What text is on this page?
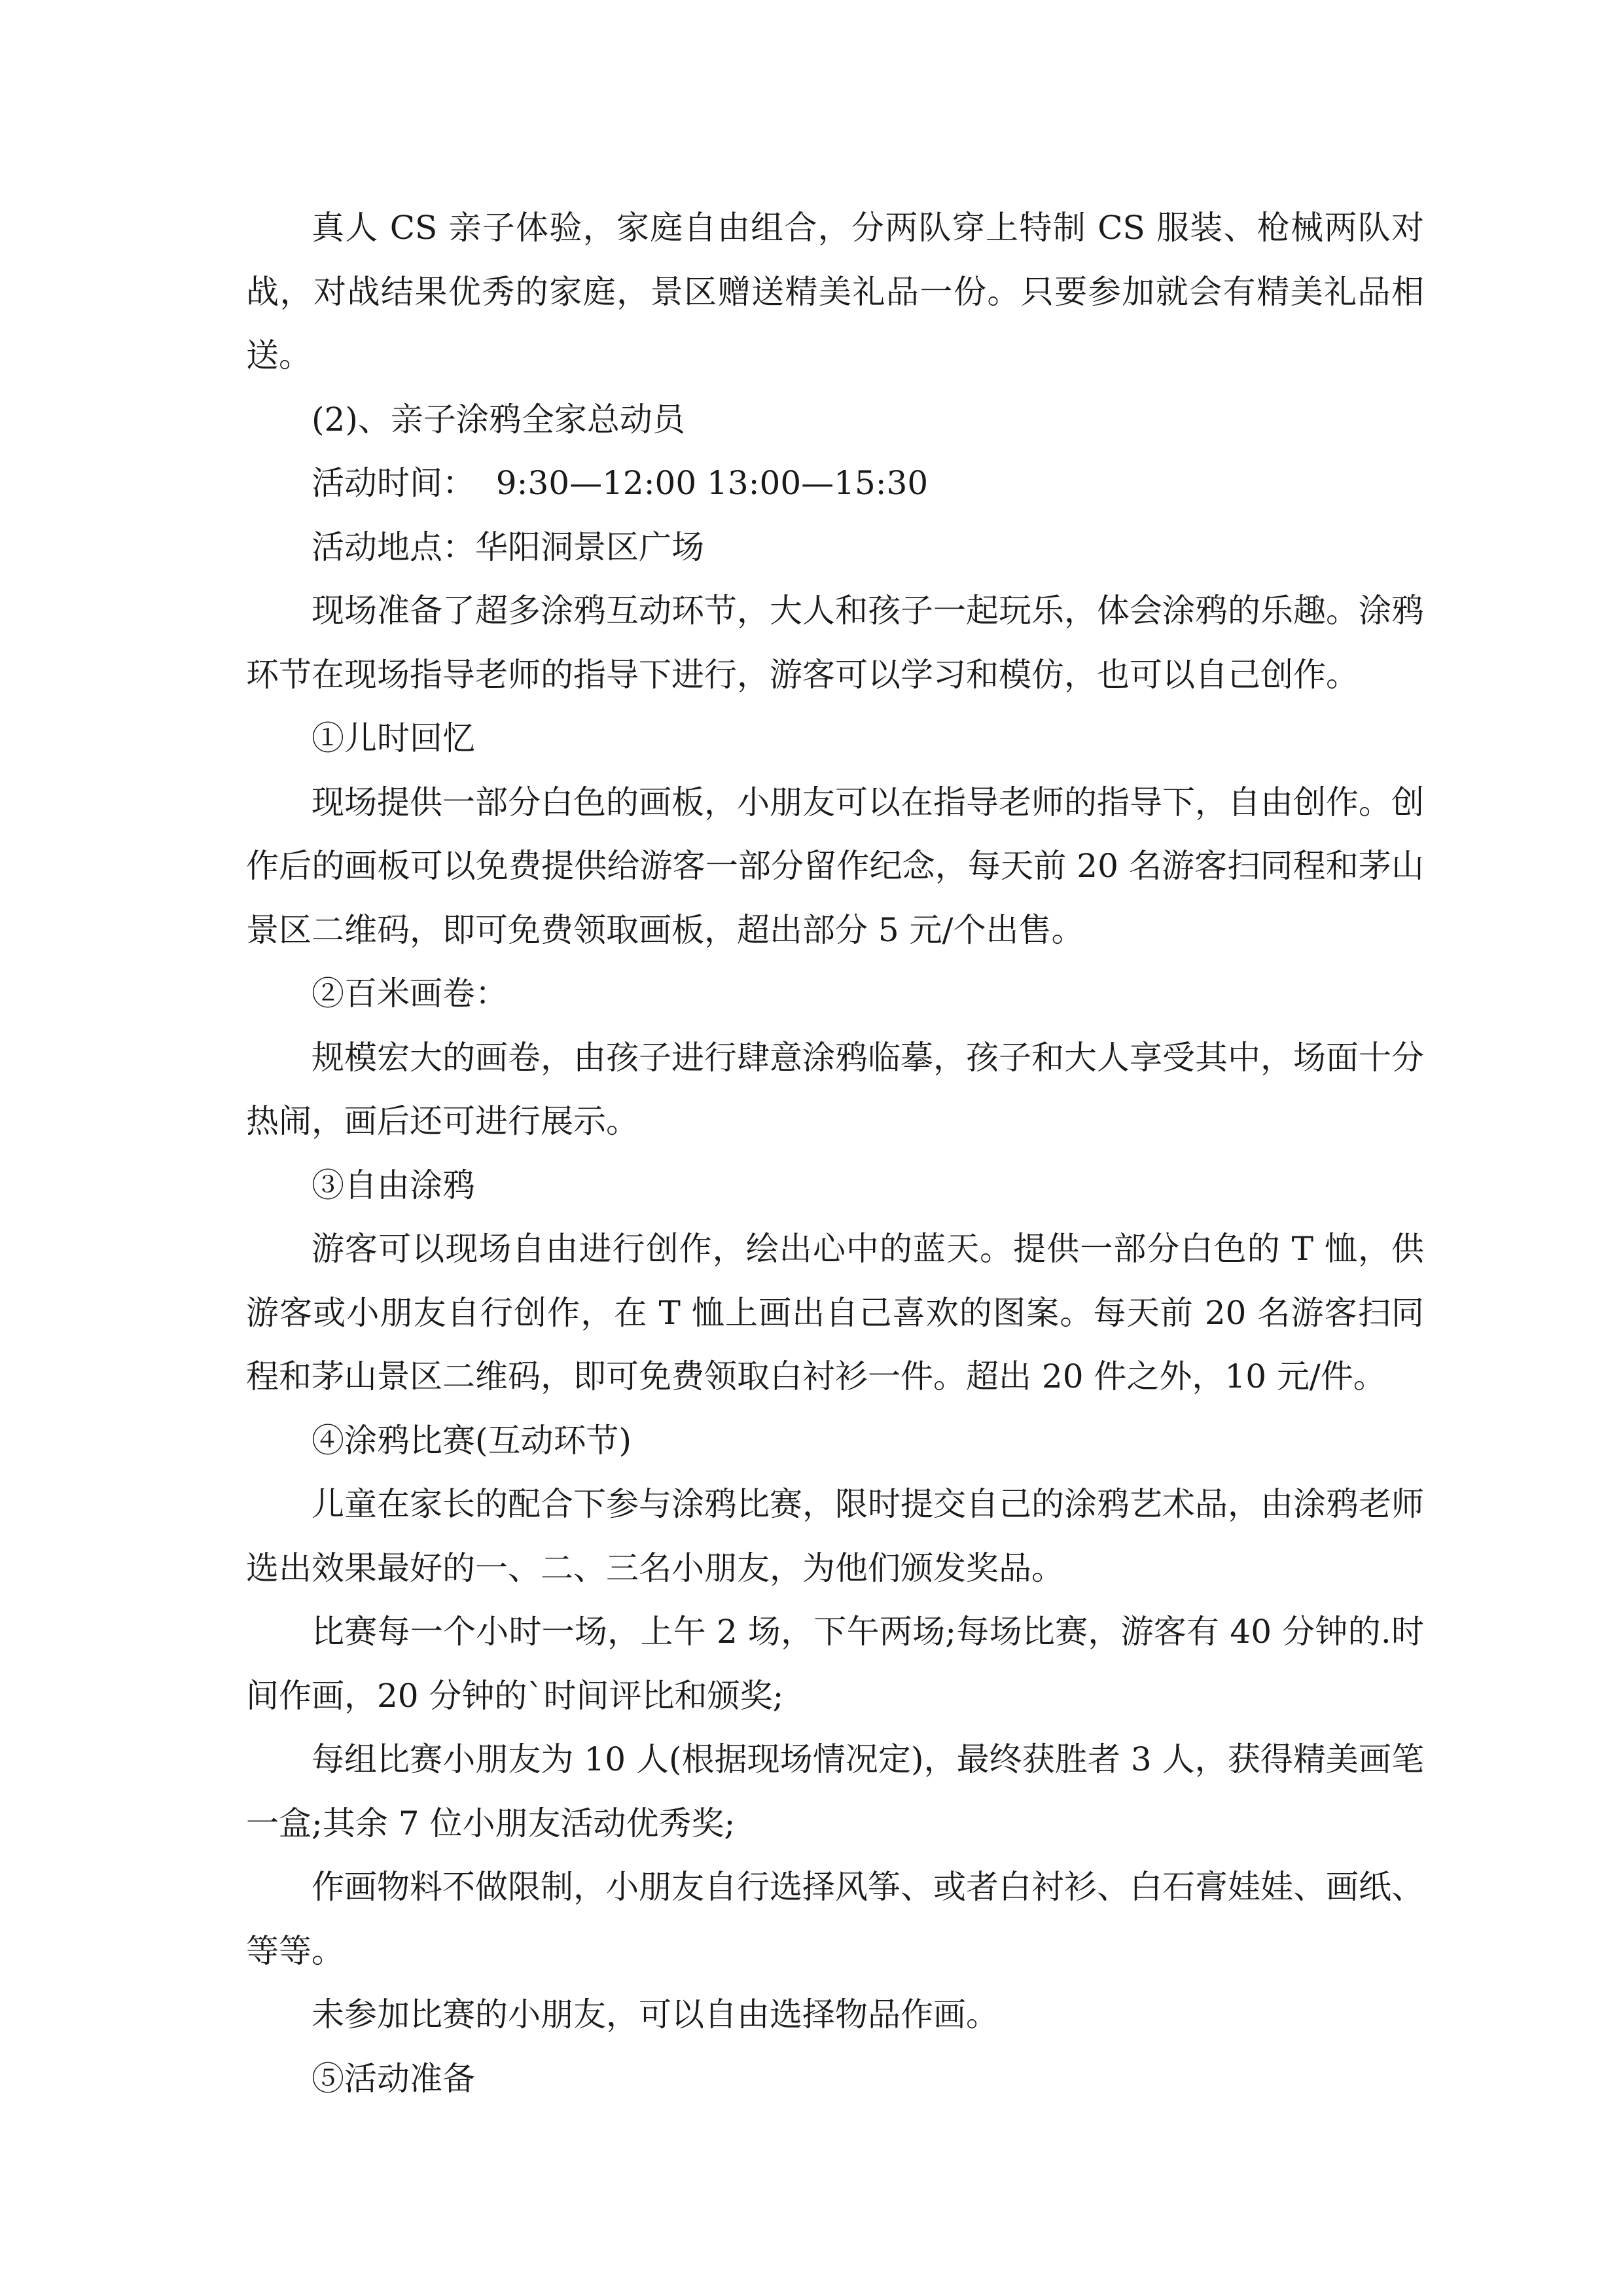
真人 CS 亲子体验，家庭自由组合，分两队穿上特制 CS 服装、枪械两队对战，对战结果优秀的家庭，景区赠送精美礼品一份。只要参加就会有精美礼品相送。

(2)、亲子涂鸦全家总动员

活动时间：  9:30—12:00 13:00—15:30

活动地点：华阳洞景区广场

现场准备了超多涂鸦互动环节，大人和孩子一起玩乐，体会涂鸦的乐趣。涂鸦环节在现场指导老师的指导下进行，游客可以学习和模仿，也可以自己创作。

①儿时回忆

现场提供一部分白色的画板，小朋友可以在指导老师的指导下，自由创作。创作后的画板可以免费提供给游客一部分留作纪念，每天前 20 名游客扫同程和茅山景区二维码，即可免费领取画板，超出部分 5 元/个出售。

②百米画卷：

规模宏大的画卷，由孩子进行肆意涂鸦临摹，孩子和大人享受其中，场面十分热闹，画后还可进行展示。

③自由涂鸦

游客可以现场自由进行创作，绘出心中的蓝天。提供一部分白色的 T 恤，供游客或小朋友自行创作，在 T 恤上画出自己喜欢的图案。每天前 20 名游客扫同程和茅山景区二维码，即可免费领取白衬衫一件。超出 20 件之外，10 元/件。

④涂鸦比赛(互动环节)

儿童在家长的配合下参与涂鸦比赛，限时提交自己的涂鸦艺术品，由涂鸦老师选出效果最好的一、二、三名小朋友，为他们颁发奖品。

比赛每一个小时一场，上午 2 场，下午两场;每场比赛，游客有 40 分钟的.时间作画，20 分钟的`时间评比和颁奖;

每组比赛小朋友为 10 人(根据现场情况定)，最终获胜者 3 人，获得精美画笔一盒;其余 7 位小朋友活动优秀奖;

作画物料不做限制，小朋友自行选择风筝、或者白衬衫、白石膏娃娃、画纸、等等。

未参加比赛的小朋友，可以自由选择物品作画。

⑤活动准备
